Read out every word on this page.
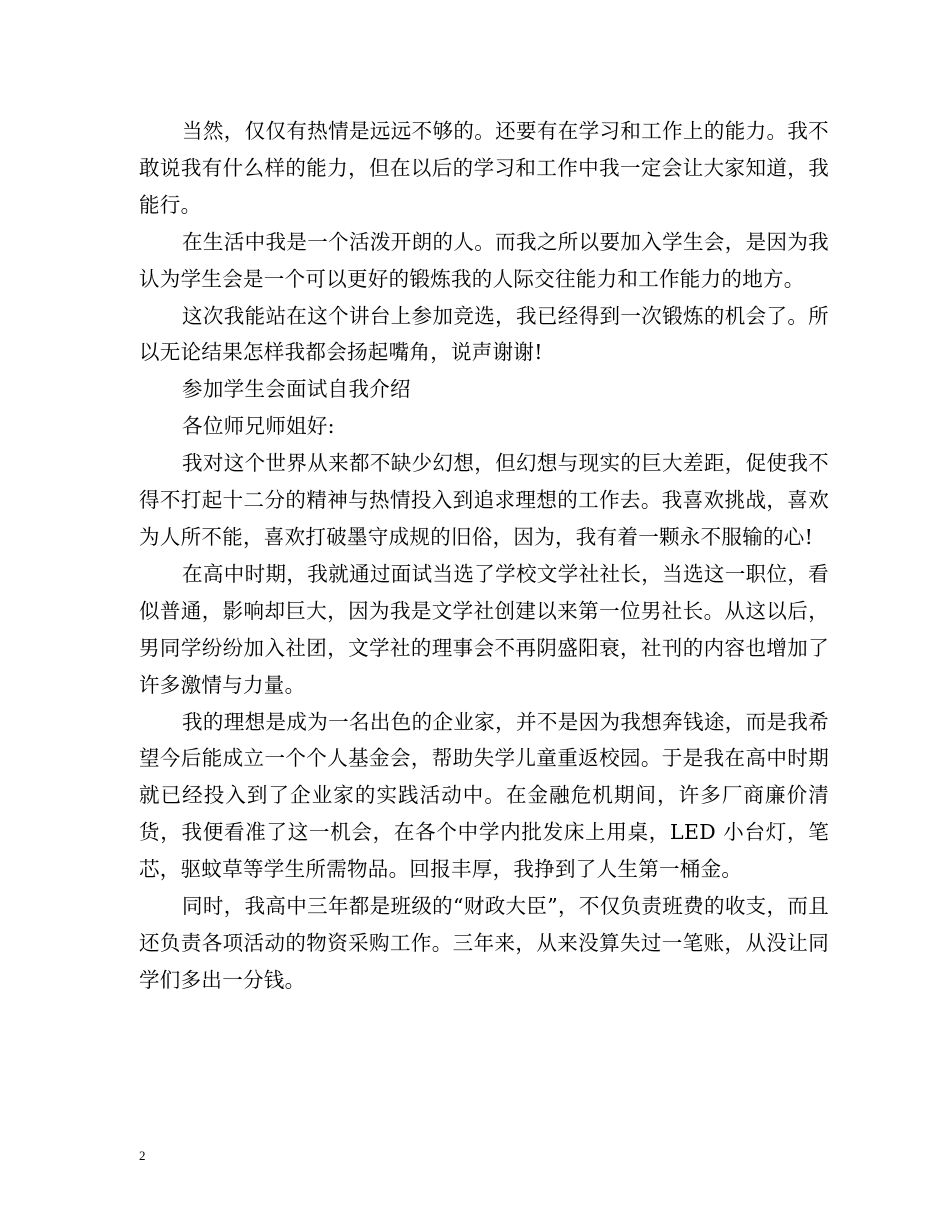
当然，仅仅有热情是远远不够的。还要有在学习和工作上的能力。我不敢说我有什么样的能力，但在以后的学习和工作中我一定会让大家知道，我能行。

在生活中我是一个活泼开朗的人。而我之所以要加入学生会，是因为我认为学生会是一个可以更好的锻炼我的人际交往能力和工作能力的地方。

这次我能站在这个讲台上参加竞选，我已经得到一次锻炼的机会了。所以无论结果怎样我都会扬起嘴角，说声谢谢!

参加学生会面试自我介绍

各位师兄师姐好:

我对这个世界从来都不缺少幻想，但幻想与现实的巨大差距，促使我不得不打起十二分的精神与热情投入到追求理想的工作去。我喜欢挑战，喜欢为人所不能，喜欢打破墨守成规的旧俗，因为，我有着一颗永不服输的心!

在高中时期，我就通过面试当选了学校文学社社长，当选这一职位，看似普通，影响却巨大，因为我是文学社创建以来第一位男社长。从这以后，男同学纷纷加入社团，文学社的理事会不再阴盛阳衰，社刊的内容也增加了许多激情与力量。

我的理想是成为一名出色的企业家，并不是因为我想奔钱途，而是我希望今后能成立一个个人基金会，帮助失学儿童重返校园。于是我在高中时期就已经投入到了企业家的实践活动中。在金融危机期间，许多厂商廉价清货，我便看准了这一机会，在各个中学内批发床上用桌，LED 小台灯，笔芯，驱蚊草等学生所需物品。回报丰厚，我挣到了人生第一桶金。

同时，我高中三年都是班级的“财政大臣”，不仅负责班费的收支，而且还负责各项活动的物资采购工作。三年来，从来没算失过一笔账，从没让同学们多出一分钱。

2
